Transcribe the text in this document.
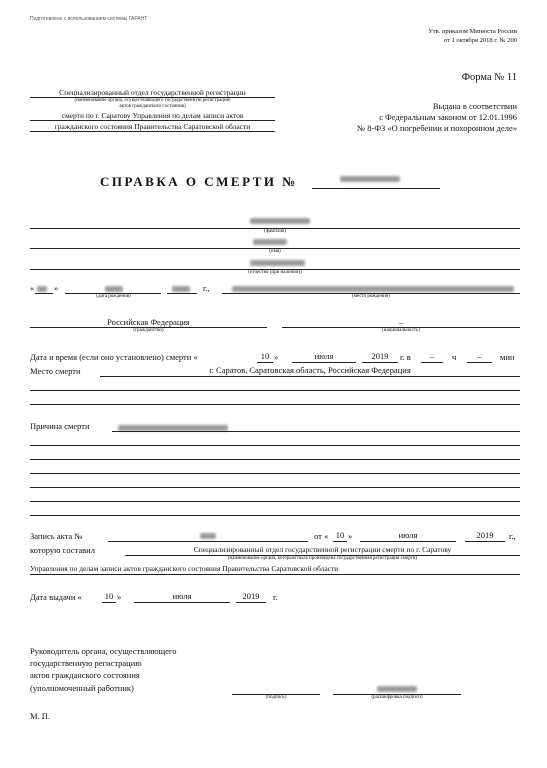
Подготовлено с использованием системы ГАРАНТ
Утв. приказом Минюста России
от 1 октября 2018 г. № 200
Форма № 11
Специализированный отдел государственной регистрации
(наименование органа, осуществляющего государственную регистрацию
актов гражданского состояния)
смерти по г. Саратову Управления по делам записи актов
гражданского состояния Правительства Саратовской области
Выдана в соответствии
с Федеральным законом от 12.01.1996
№ 8-ФЗ «О погребении и похоронном деле»
СПРАВКА О СМЕРТИ №
(фамилия)
(имя)
(отчество (при наличии))
« »	г.,
(дата рождения)	(место рождения)
Российская Федерация
(гражданство)
–
(национальность)
Дата и время (если оно установлено) смерти «	10 »	июля	2019	г. в	–	ч	–	мин
Место смерти	г. Саратов, Саратовская область, Российская Федерация
Причина смерти
Запись акта №	от « 10 »	июля	2019	г.,
которую составил	Специализированный отдел государственной регистрации смерти по г. Саратову
(наименование органа, которым была произведена государственная регистрация смерти)
Управления по делам записи актов гражданского состояния Правительства Саратовской области
Дата выдачи «	10 »	июля	2019	г.
Руководитель органа, осуществляющего
государственную регистрацию
актов гражданского состояния
(уполномоченный работник)
(подпись)	(расшифровка подписи)
М. П.
